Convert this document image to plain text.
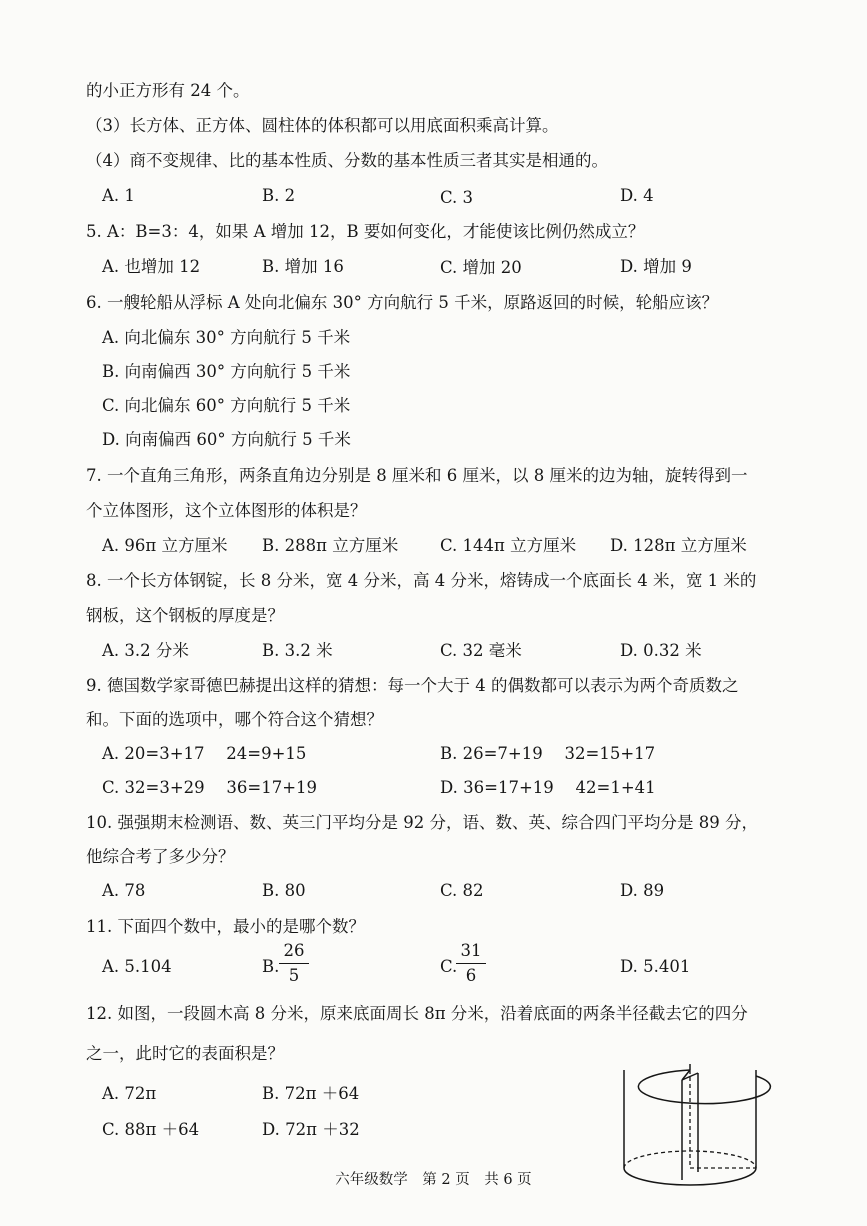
的小正方形有 24 个。
（3）长方体、正方体、圆柱体的体积都可以用底面积乘高计算。
（4）商不变规律、比的基本性质、分数的基本性质三者其实是相通的。
A. 1	B. 2	C. 3	D. 4
5. A：B=3：4，如果 A 增加 12，B 要如何变化，才能使该比例仍然成立？
A. 也增加 12	B. 增加 16	C. 增加 20	D. 增加 9
6. 一艘轮船从浮标 A 处向北偏东 30° 方向航行 5 千米，原路返回的时候，轮船应该？
A. 向北偏东 30° 方向航行 5 千米
B. 向南偏西 30° 方向航行 5 千米
C. 向北偏东 60° 方向航行 5 千米
D. 向南偏西 60° 方向航行 5 千米
7. 一个直角三角形，两条直角边分别是 8 厘米和 6 厘米，以 8 厘米的边为轴，旋转得到一
个立体图形，这个立体图形的体积是？
A. 96π 立方厘米 B. 288π 立方厘米	C. 144π 立方厘米 D. 128π 立方厘米
8. 一个长方体钢锭，长 8 分米，宽 4 分米，高 4 分米，熔铸成一个底面长 4 米，宽 1 米的
钢板，这个钢板的厚度是？
A. 3.2 分米	B. 3.2 米	C. 32 毫米	D. 0.32 米
9. 德国数学家哥德巴赫提出这样的猜想：每一个大于 4 的偶数都可以表示为两个奇质数之
和。下面的选项中，哪个符合这个猜想？
A. 20=3+17　 24=9+15	B. 26=7+19　 32=15+17
C. 32=3+29　 36=17+19	D. 36=17+19　 42=1+41
10. 强强期末检测语、数、英三门平均分是 92 分，语、数、英、综合四门平均分是 89 分，
他综合考了多少分？
A. 78	B. 80	C. 82	D. 89
11. 下面四个数中，最小的是哪个数？
A. 5.104	B.
26
5	C.
31
6	D. 5.401
12. 如图，一段圆木高 8 分米，原来底面周长 8π 分米，沿着底面的两条半径截去它的四分
之一，此时它的表面积是？
A. 72π	B. 72π ＋64
C. 88π ＋64	D. 72π ＋32
六年级数学　第 2 页　共 6 页
